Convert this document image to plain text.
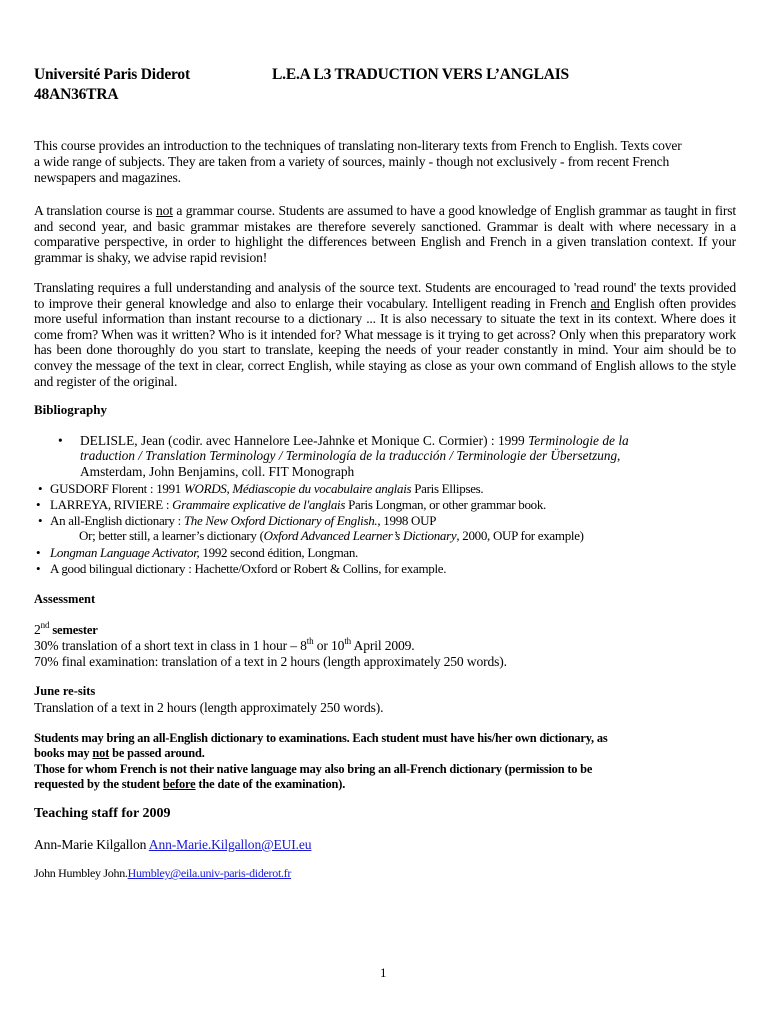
Université Paris Diderot	L.E.A L3 TRADUCTION VERS L’ANGLAIS
48AN36TRA
This course provides an introduction to the techniques of translating non-literary texts from French to English. Texts cover
a wide range of subjects. They are taken from a variety of sources, mainly - though not exclusively - from recent French
newspapers and magazines.
A translation course is not a grammar course. Students are assumed to have a good knowledge of English grammar as taught in first and second year, and basic grammar mistakes are therefore severely sanctioned. Grammar is dealt with where necessary in a comparative perspective, in order to highlight the differences between English and French in a given translation context. If your grammar is shaky, we advise rapid revision!
Translating requires a full understanding and analysis of the source text. Students are encouraged to 'read round' the texts provided to improve their general knowledge and also to enlarge their vocabulary. Intelligent reading in French and English often provides more useful information than instant recourse to a dictionary ... It is also necessary to situate the text in its context. Where does it come from? When was it written? Who is it intended for? What message is it trying to get across? Only when this preparatory work has been done thoroughly do you start to translate, keeping the needs of your reader constantly in mind. Your aim should be to convey the message of the text in clear, correct English, while staying as close as your own command of English allows to the style and register of the original.
Bibliography
• DELISLE, Jean (codir. avec Hannelore Lee-Jahnke et Monique C. Cormier) : 1999 Terminologie de la
traduction / Translation Terminology / Terminología de la traducción / Terminologie der Übersetzung,
Amsterdam, John Benjamins, coll. FIT Monograph
• GUSDORF Florent : 1991 WORDS, Médiascopie du vocabulaire anglais Paris Ellipses.
• LARREYA, RIVIERE : Grammaire explicative de l'anglais Paris Longman, or other grammar book.
• An all-English dictionary : The New Oxford Dictionary of English., 1998 OUP
Or; better still, a learner’s dictionary (Oxford Advanced Learner’s Dictionary, 2000, OUP for example)
• Longman Language Activator, 1992 second édition, Longman.
• A good bilingual dictionary : Hachette/Oxford or Robert & Collins, for example.
Assessment
2nd semester
30% translation of a short text in class in 1 hour – 8th or 10th April 2009.
70% final examination: translation of a text in 2 hours (length approximately 250 words).
June re-sits
Translation of a text in 2 hours (length approximately 250 words).
Students may bring an all-English dictionary to examinations. Each student must have his/her own dictionary, as
books may not be passed around.
Those for whom French is not their native language may also bring an all-French dictionary (permission to be
requested by the student before the date of the examination).
Teaching staff for 2009
Ann-Marie Kilgallon Ann-Marie.Kilgallon@EUI.eu
John Humbley John.Humbley@eila.univ-paris-diderot.fr
1
